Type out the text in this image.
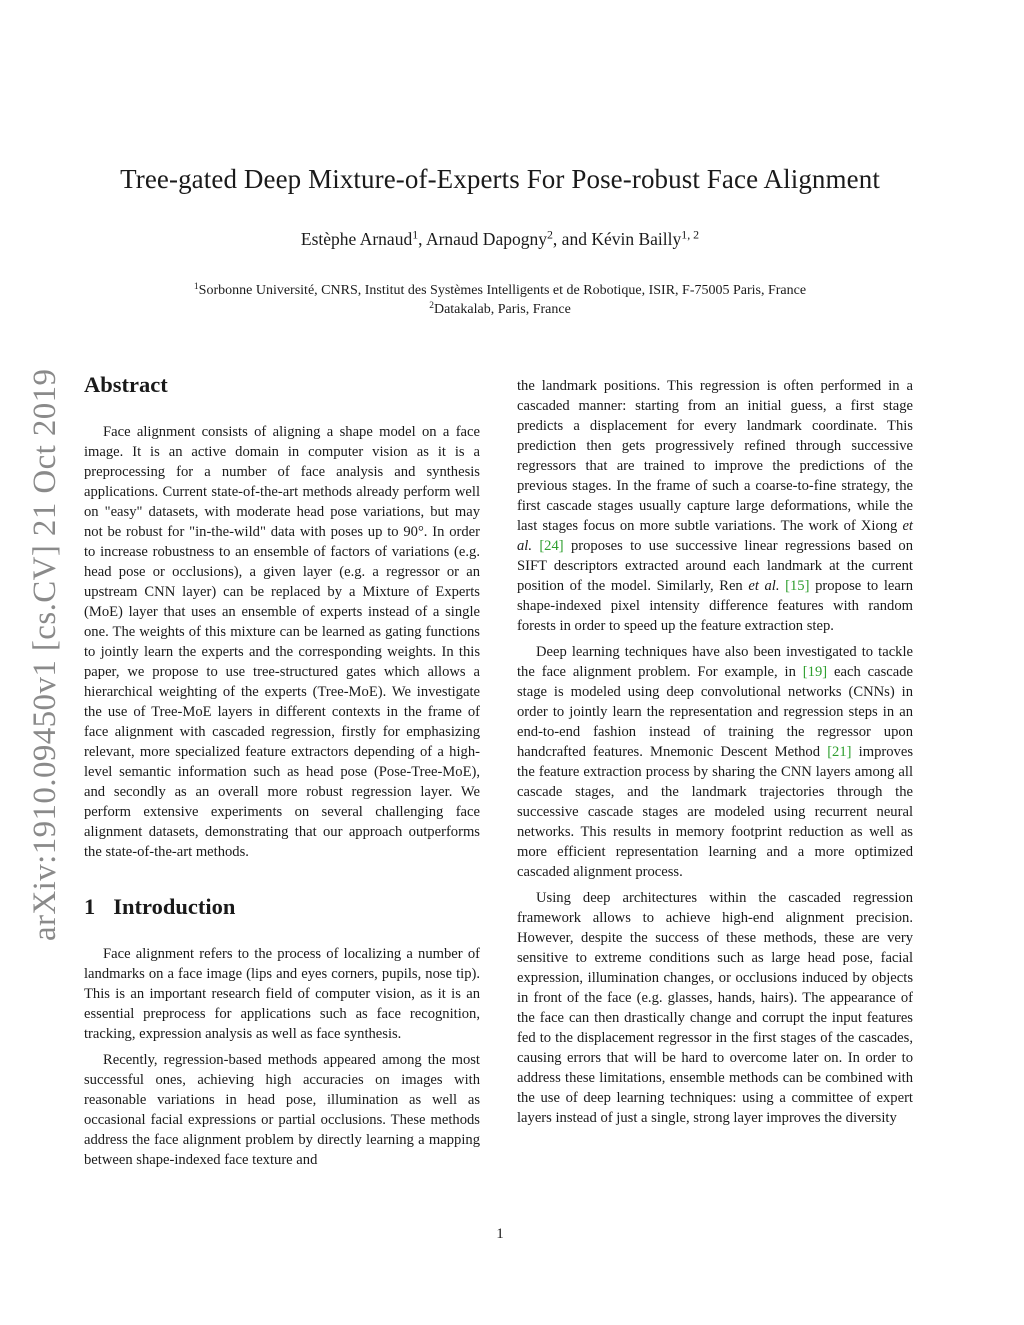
Tree-gated Deep Mixture-of-Experts For Pose-robust Face Alignment
Estèphe Arnaud$^1$, Arnaud Dapogny$^2$, and Kévin Bailly$^{1, 2}$
$^1$Sorbonne Université, CNRS, Institut des Systèmes Intelligents et de Robotique, ISIR, F-75005 Paris, France
$^2$Datakalab, Paris, France
arXiv:1910.09450v1 [cs.CV] 21 Oct 2019 Abstract

Face alignment consists of aligning a shape model on a face image. It is an active domain in computer vision as it is a preprocessing for a number of face analysis and synthesis applications. Current state-of-the-art methods already perform well on "easy" datasets, with moderate head pose variations, but may not be robust for "in-the-wild" data with poses up to 90°. In order to increase robustness to an ensemble of factors of variations (e.g. head pose or occlusions), a given layer (e.g. a regressor or an upstream CNN layer) can be replaced by a Mixture of Experts (MoE) layer that uses an ensemble of experts instead of a single one. The weights of this mixture can be learned as gating functions to jointly learn the experts and the corresponding weights. In this paper, we propose to use tree-structured gates which allows a hierarchical weighting of the experts (Tree-MoE). We investigate the use of Tree-MoE layers in different contexts in the frame of face alignment with cascaded regression, firstly for emphasizing relevant, more specialized feature extractors depending of a high-level semantic information such as head pose (Pose-Tree-MoE), and secondly as an overall more robust regression layer. We perform extensive experiments on several challenging face alignment datasets, demonstrating that our approach outperforms the state-of-the-art methods.

1 Introduction

Face alignment refers to the process of localizing a number of landmarks on a face image (lips and eyes corners, pupils, nose tip). This is an important research field of computer vision, as it is an essential preprocess for applications such as face recognition, tracking, expression analysis as well as face synthesis.

Recently, regression-based methods appeared among the most successful ones, achieving high accuracies on images with reasonable variations in head pose, illumination as well as occasional facial expressions or partial occlusions. These methods address the face alignment problem by directly learning a mapping between shape-indexed face texture and

the landmark positions. This regression is often performed in a cascaded manner: starting from an initial guess, a first stage predicts a displacement for every landmark coordinate. This prediction then gets progressively refined through successive regressors that are trained to improve the predictions of the previous stages. In the frame of such a coarse-to-fine strategy, the first cascade stages usually capture large deformations, while the last stages focus on more subtle variations. The work of Xiong et al. [24] proposes to use successive linear regressions based on SIFT descriptors extracted around each landmark at the current position of the model. Similarly, Ren et al. [15] propose to learn shape-indexed pixel intensity difference features with random forests in order to speed up the feature extraction step.

Deep learning techniques have also been investigated to tackle the face alignment problem. For example, in [19] each cascade stage is modeled using deep convolutional networks (CNNs) in order to jointly learn the representation and regression steps in an end-to-end fashion instead of training the regressor upon handcrafted features. Mnemonic Descent Method [21] improves the feature extraction process by sharing the CNN layers among all cascade stages, and the landmark trajectories through the successive cascade stages are modeled using recurrent neural networks. This results in memory footprint reduction as well as more efficient representation learning and a more optimized cascaded alignment process.

Using deep architectures within the cascaded regression framework allows to achieve high-end alignment precision. However, despite the success of these methods, these are very sensitive to extreme conditions such as large head pose, facial expression, illumination changes, or occlusions induced by objects in front of the face (e.g. glasses, hands, hairs). The appearance of the face can then drastically change and corrupt the input features fed to the displacement regressor in the first stages of the cascades, causing errors that will be hard to overcome later on. In order to address these limitations, ensemble methods can be combined with the use of deep learning techniques: using a committee of expert layers instead of just a single, strong layer improves the diversity

1
